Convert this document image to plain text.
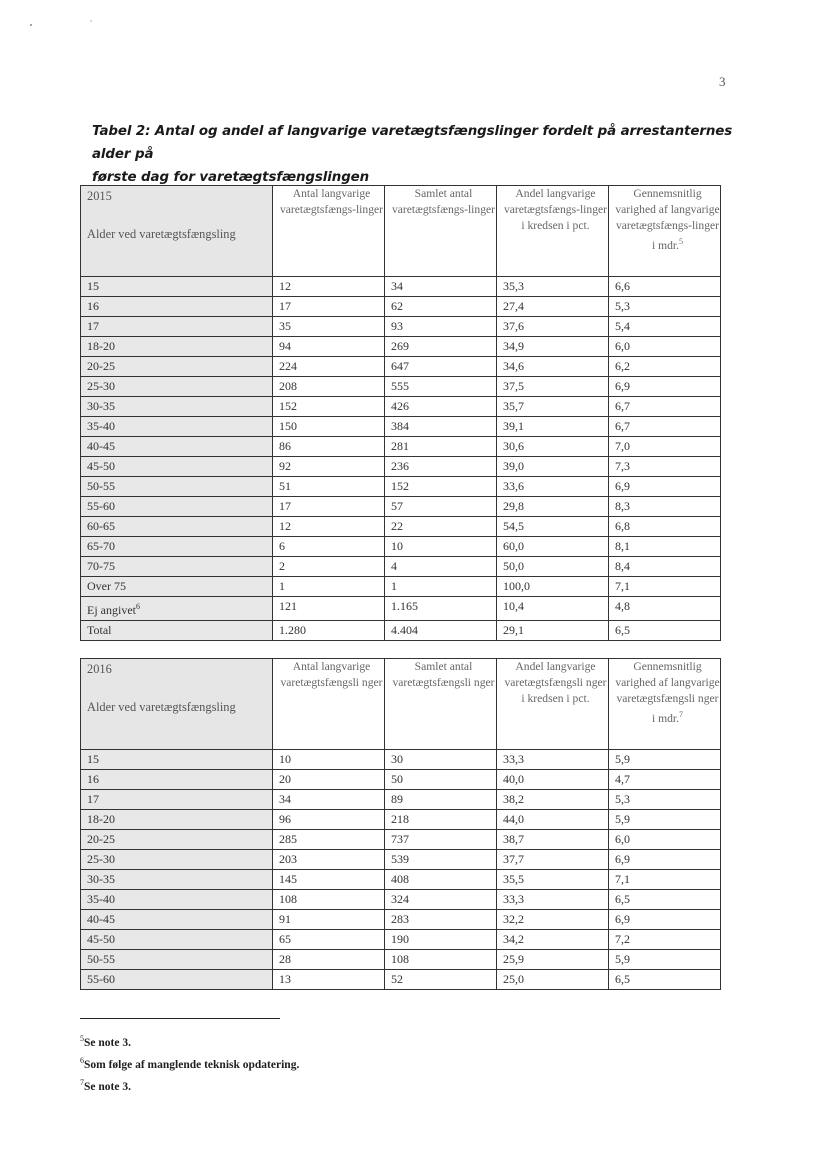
3
Tabel 2: Antal og andel af langvarige varetægtsfængslinger fordelt på arrestanternes alder på
første dag for varetægtsfængslingen
2015
Alder ved varetægtsfængsling	Antal langvarige varetægtsfængs-linger	Samlet antal varetægtsfængs-linger	Andel langvarige varetægtsfængs-linger i kredsen i pct.	Gennemsnitlig varighed af langvarige varetægtsfængs-linger i mdr.$^5$
15	12	34	35,3	6,6
16	17	62	27,4	5,3
17	35	93	37,6	5,4
18-20	94	269	34,9	6,0
20-25	224	647	34,6	6,2
25-30	208	555	37,5	6,9
30-35	152	426	35,7	6,7
35-40	150	384	39,1	6,7
40-45	86	281	30,6	7,0
45-50	92	236	39,0	7,3
50-55	51	152	33,6	6,9
55-60	17	57	29,8	8,3
60-65	12	22	54,5	6,8
65-70	6	10	60,0	8,1
70-75	2	4	50,0	8,4
Over 75	1	1	100,0	7,1
Ej angivet$^6$	121	1.165	10,4	4,8
Total	1.280	4.404	29,1	6,5
2016
Alder ved varetægtsfængsling	Antal langvarige varetægtsfængsli nger	Samlet antal varetægtsfængsli nger	Andel langvarige varetægtsfængsli nger i kredsen i pct.	Gennemsnitlig varighed af langvarige varetægtsfængsli nger i mdr.$^7$
15	10	30	33,3	5,9
16	20	50	40,0	4,7
17	34	89	38,2	5,3
18-20	96	218	44,0	5,9
20-25	285	737	38,7	6,0
25-30	203	539	37,7	6,9
30-35	145	408	35,5	7,1
35-40	108	324	33,3	6,5
40-45	91	283	32,2	6,9
45-50	65	190	34,2	7,2
50-55	28	108	25,9	5,9
55-60	13	52	25,0	6,5
$^5$Se note 3.
$^6$Som følge af manglende teknisk opdatering.
$^7$Se note 3.
